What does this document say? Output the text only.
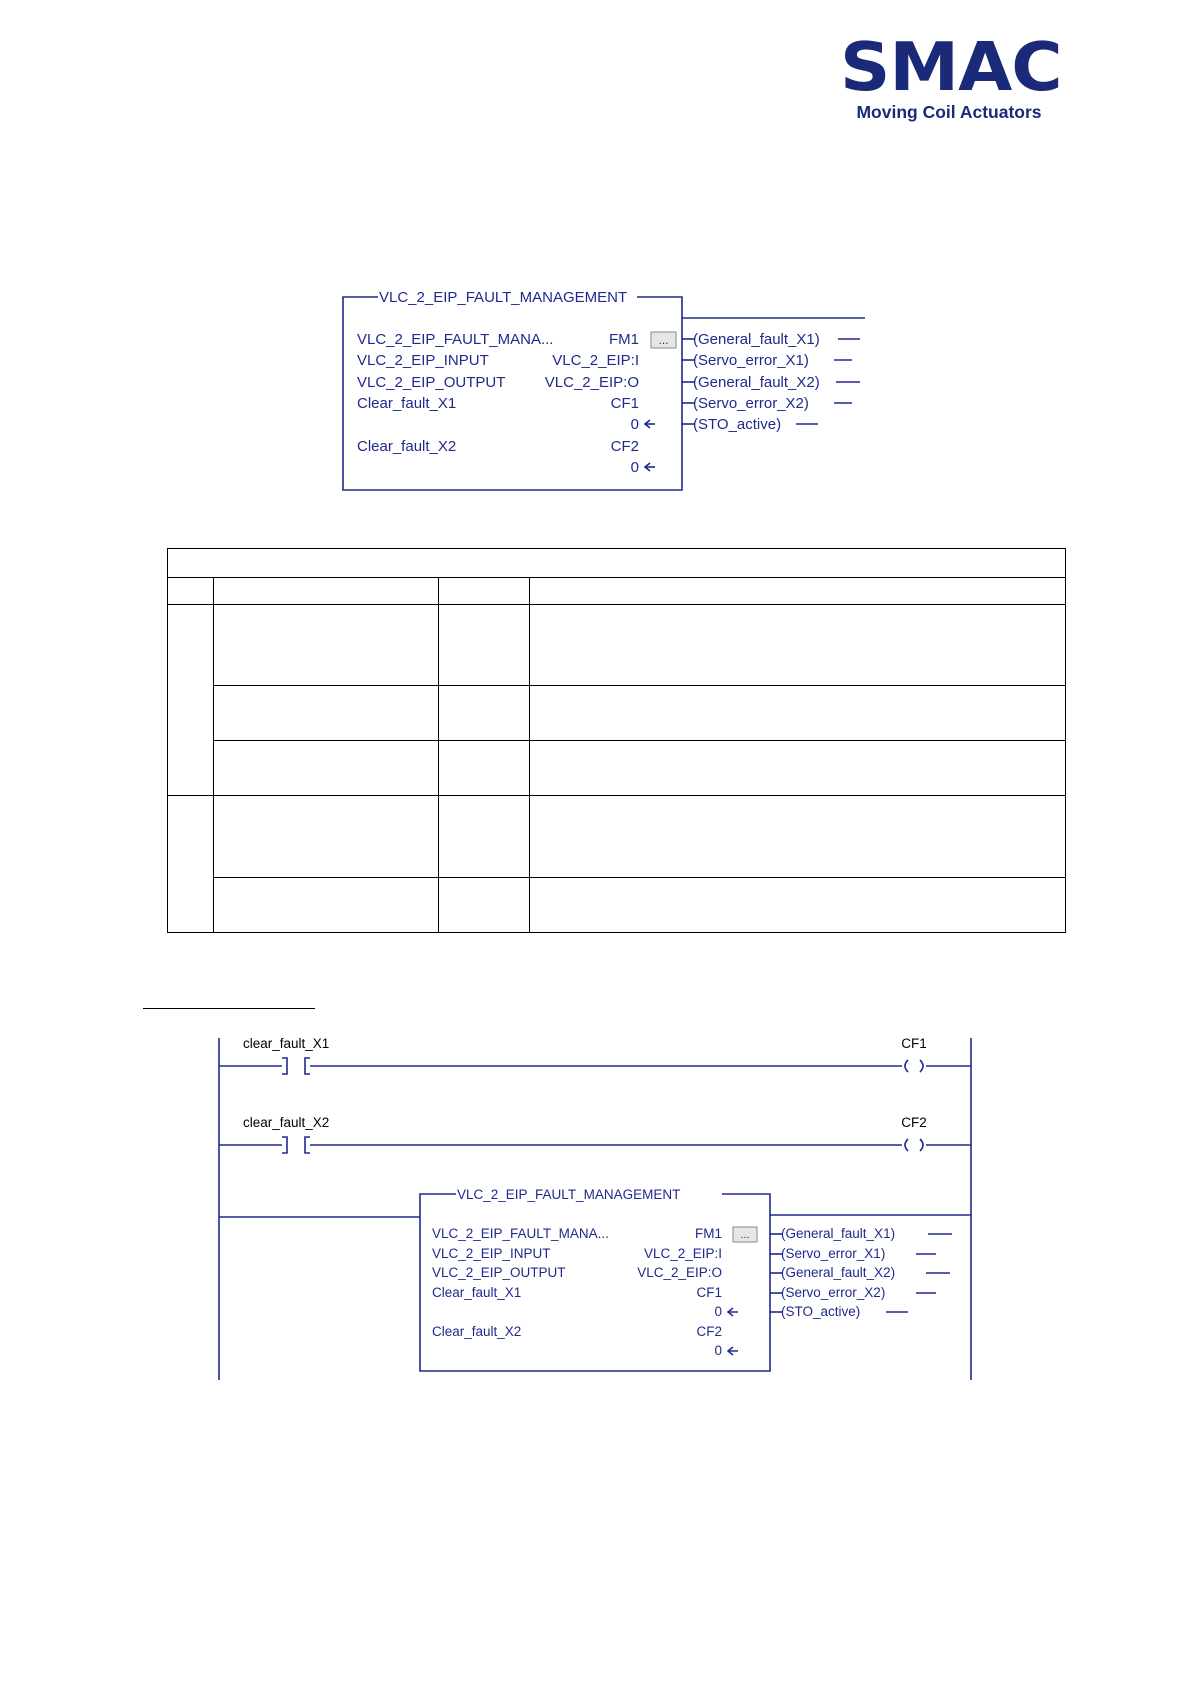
SMAC
Moving Coil Actuators
VLC_2_EIP_FAULT_MANAGEMENT
VLC_2_EIP_FAULT_MANA...	FM1 ...
VLC_2_EIP_INPUT	VLC_2_EIP:I
VLC_2_EIP_OUTPUT	VLC_2_EIP:O
Clear_fault_X1	CF1
0
Clear_fault_X2	CF2
0
(General_fault_X1)
(Servo_error_X1)
(General_fault_X2)
(Servo_error_X2)
(STO_active)

clear_fault_X1	CF1
clear_fault_X2	CF2
VLC_2_EIP_FAULT_MANAGEMENT
VLC_2_EIP_FAULT_MANA...	FM1 ...
VLC_2_EIP_INPUT	VLC_2_EIP:I
VLC_2_EIP_OUTPUT	VLC_2_EIP:O
Clear_fault_X1	CF1
0
Clear_fault_X2	CF2
0
(General_fault_X1)
(Servo_error_X1)
(General_fault_X2)
(Servo_error_X2)
(STO_active)
